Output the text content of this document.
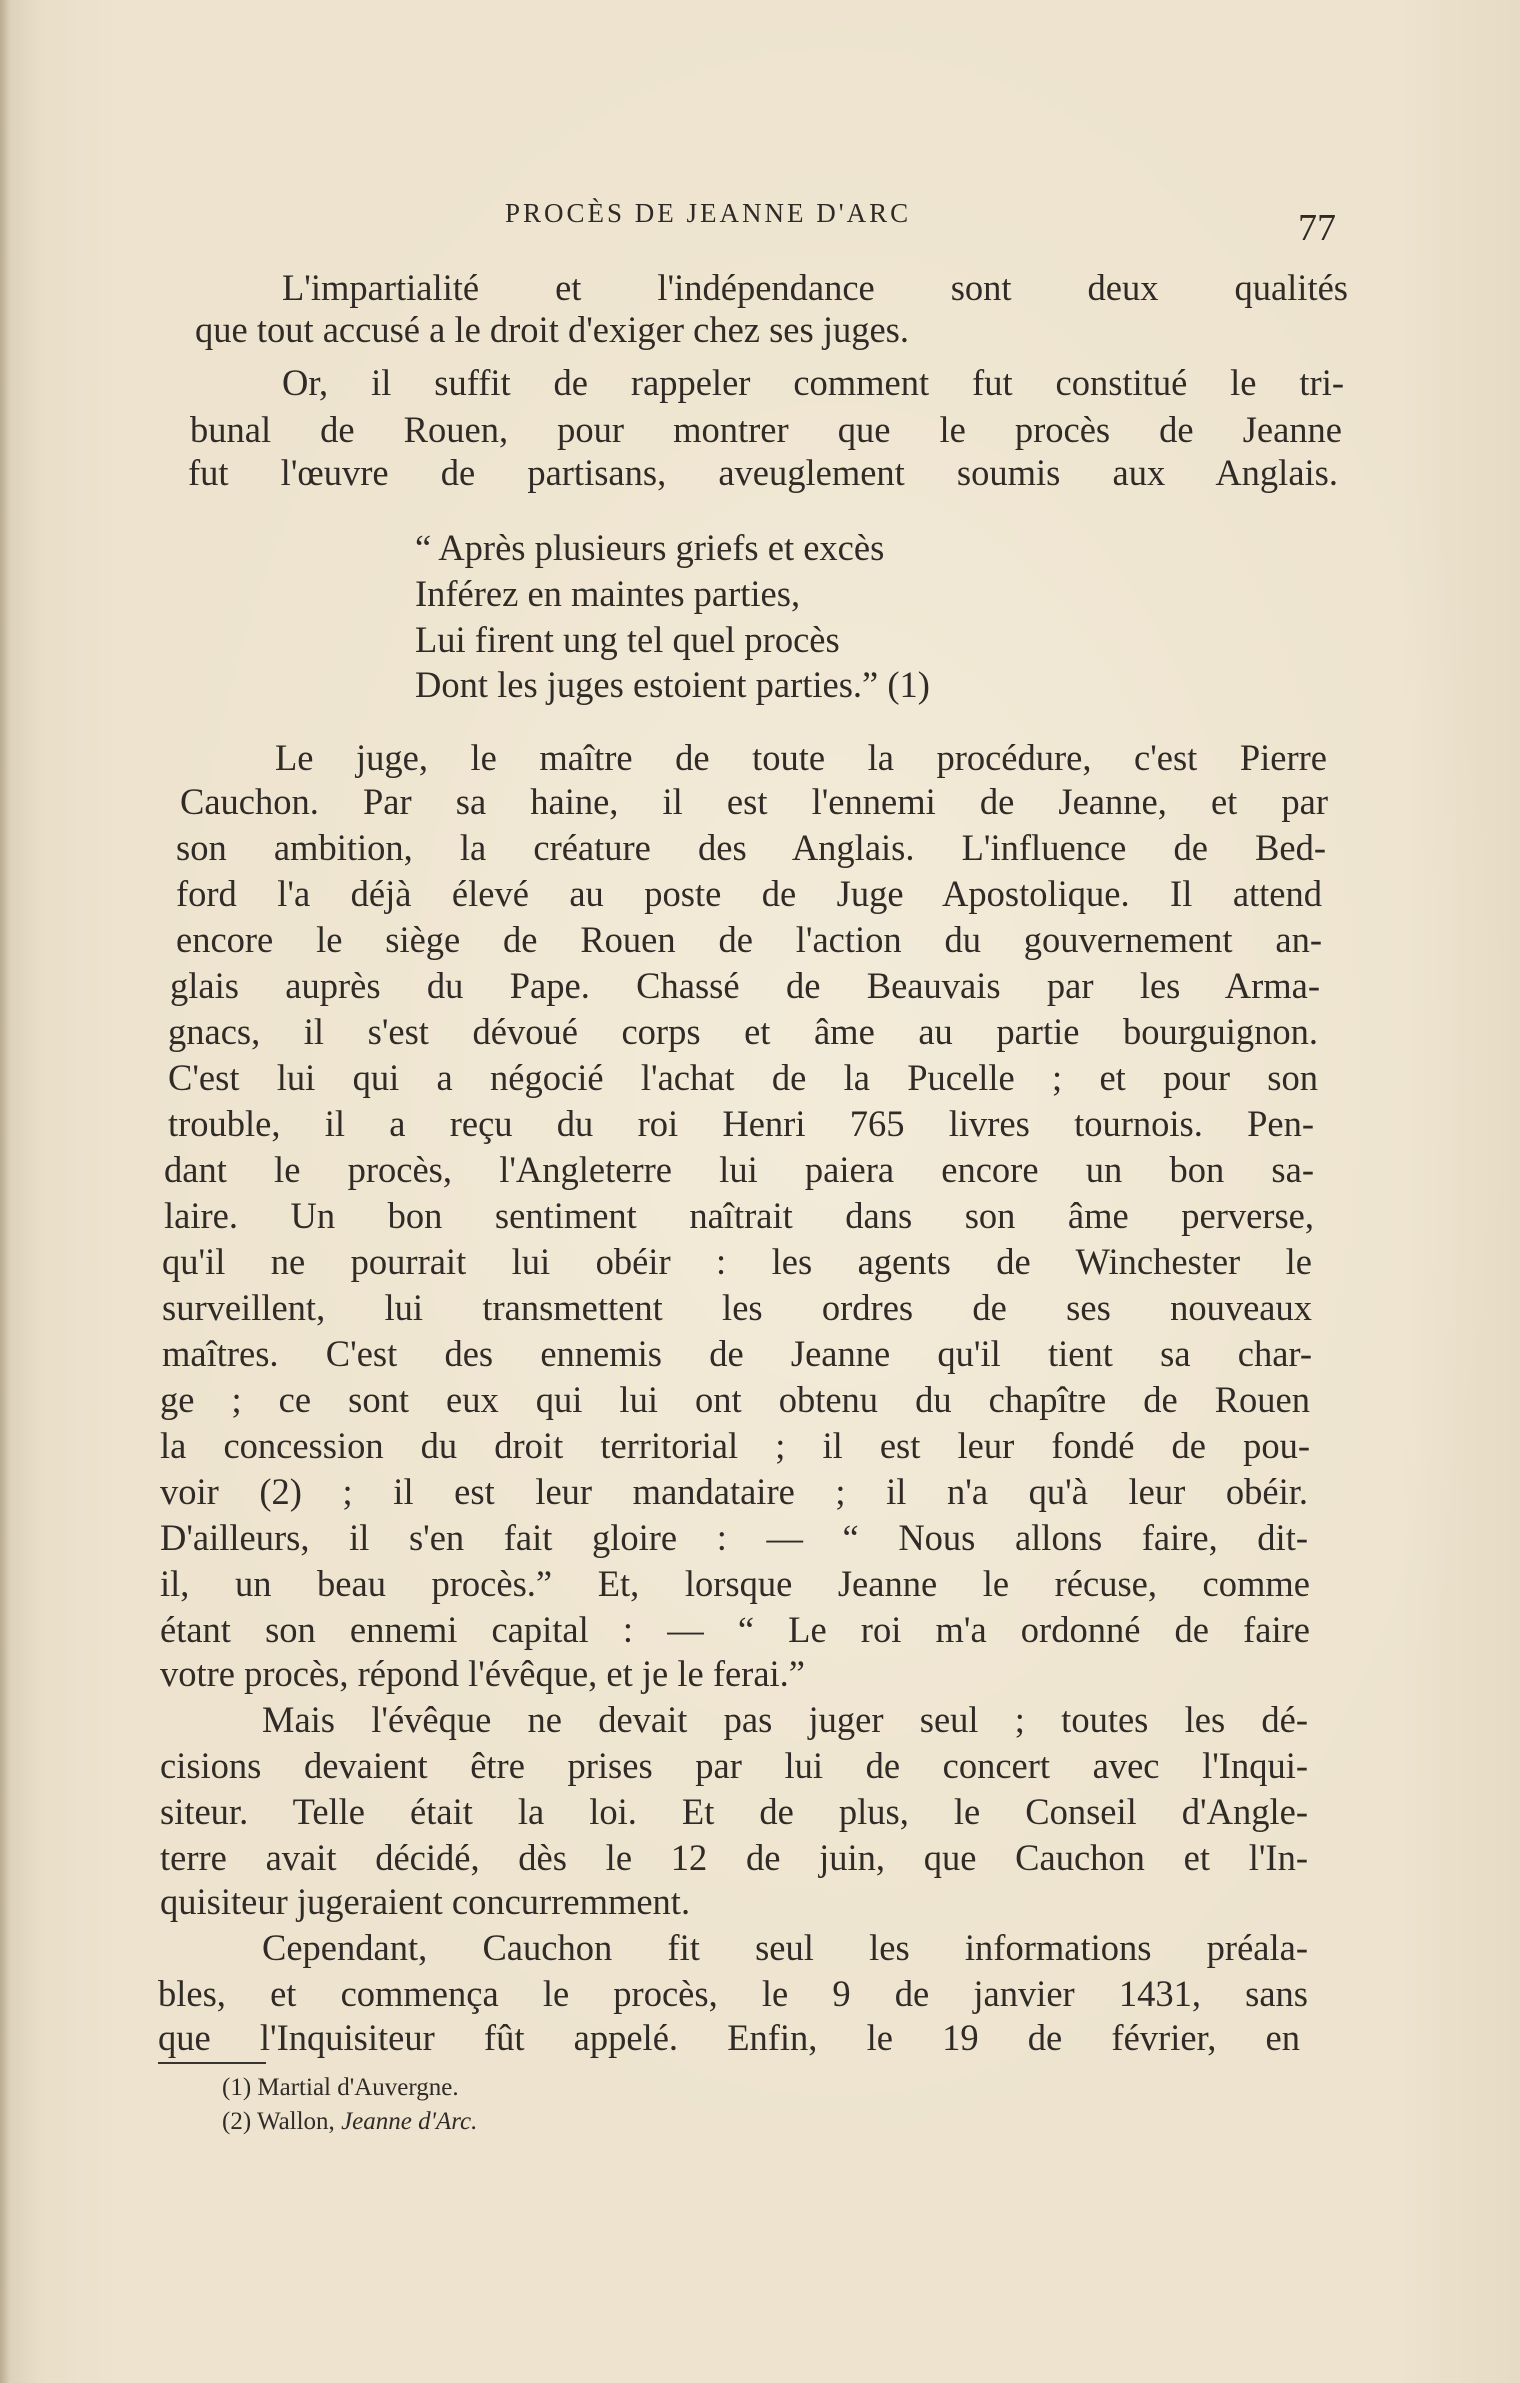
PROCÈS DE JEANNE D'ARC	77
L'impartialité et l'indépendance sont deux qualités
que tout accusé a le droit d'exiger chez ses juges.
Or, il suffit de rappeler comment fut constitué le tri-
bunal de Rouen, pour montrer que le procès de Jeanne
fut l'œuvre de partisans, aveuglement soumis aux Anglais.
“ Après plusieurs griefs et excès
Inférez en maintes parties,
Lui firent ung tel quel procès
Dont les juges estoient parties.” (1)
Le juge, le maître de toute la procédure, c'est Pierre
Cauchon. Par sa haine, il est l'ennemi de Jeanne, et par
son ambition, la créature des Anglais. L'influence de Bed-
ford l'a déjà élevé au poste de Juge Apostolique. Il attend
encore le siège de Rouen de l'action du gouvernement an-
glais auprès du Pape. Chassé de Beauvais par les Arma-
gnacs, il s'est dévoué corps et âme au partie bourguignon.
C'est lui qui a négocié l'achat de la Pucelle ; et pour son
trouble, il a reçu du roi Henri 765 livres tournois. Pen-
dant le procès, l'Angleterre lui paiera encore un bon sa-
laire. Un bon sentiment naîtrait dans son âme perverse,
qu'il ne pourrait lui obéir : les agents de Winchester le
surveillent, lui transmettent les ordres de ses nouveaux
maîtres. C'est des ennemis de Jeanne qu'il tient sa char-
ge ; ce sont eux qui lui ont obtenu du chapître de Rouen
la concession du droit territorial ; il est leur fondé de pou-
voir (2) ; il est leur mandataire ; il n'a qu'à leur obéir.
D'ailleurs, il s'en fait gloire : — “ Nous allons faire, dit-
il, un beau procès.” Et, lorsque Jeanne le récuse, comme
étant son ennemi capital : — “ Le roi m'a ordonné de faire
votre procès, répond l'évêque, et je le ferai.”
Mais l'évêque ne devait pas juger seul ; toutes les dé-
cisions devaient être prises par lui de concert avec l'Inqui-
siteur. Telle était la loi. Et de plus, le Conseil d'Angle-
terre avait décidé, dès le 12 de juin, que Cauchon et l'In-
quisiteur jugeraient concurremment.
Cependant, Cauchon fit seul les informations préala-
bles, et commença le procès, le 9 de janvier 1431, sans
que l'Inquisiteur fût appelé. Enfin, le 19 de février, en
(1) Martial d'Auvergne.
(2) Wallon, Jeanne d'Arc.
